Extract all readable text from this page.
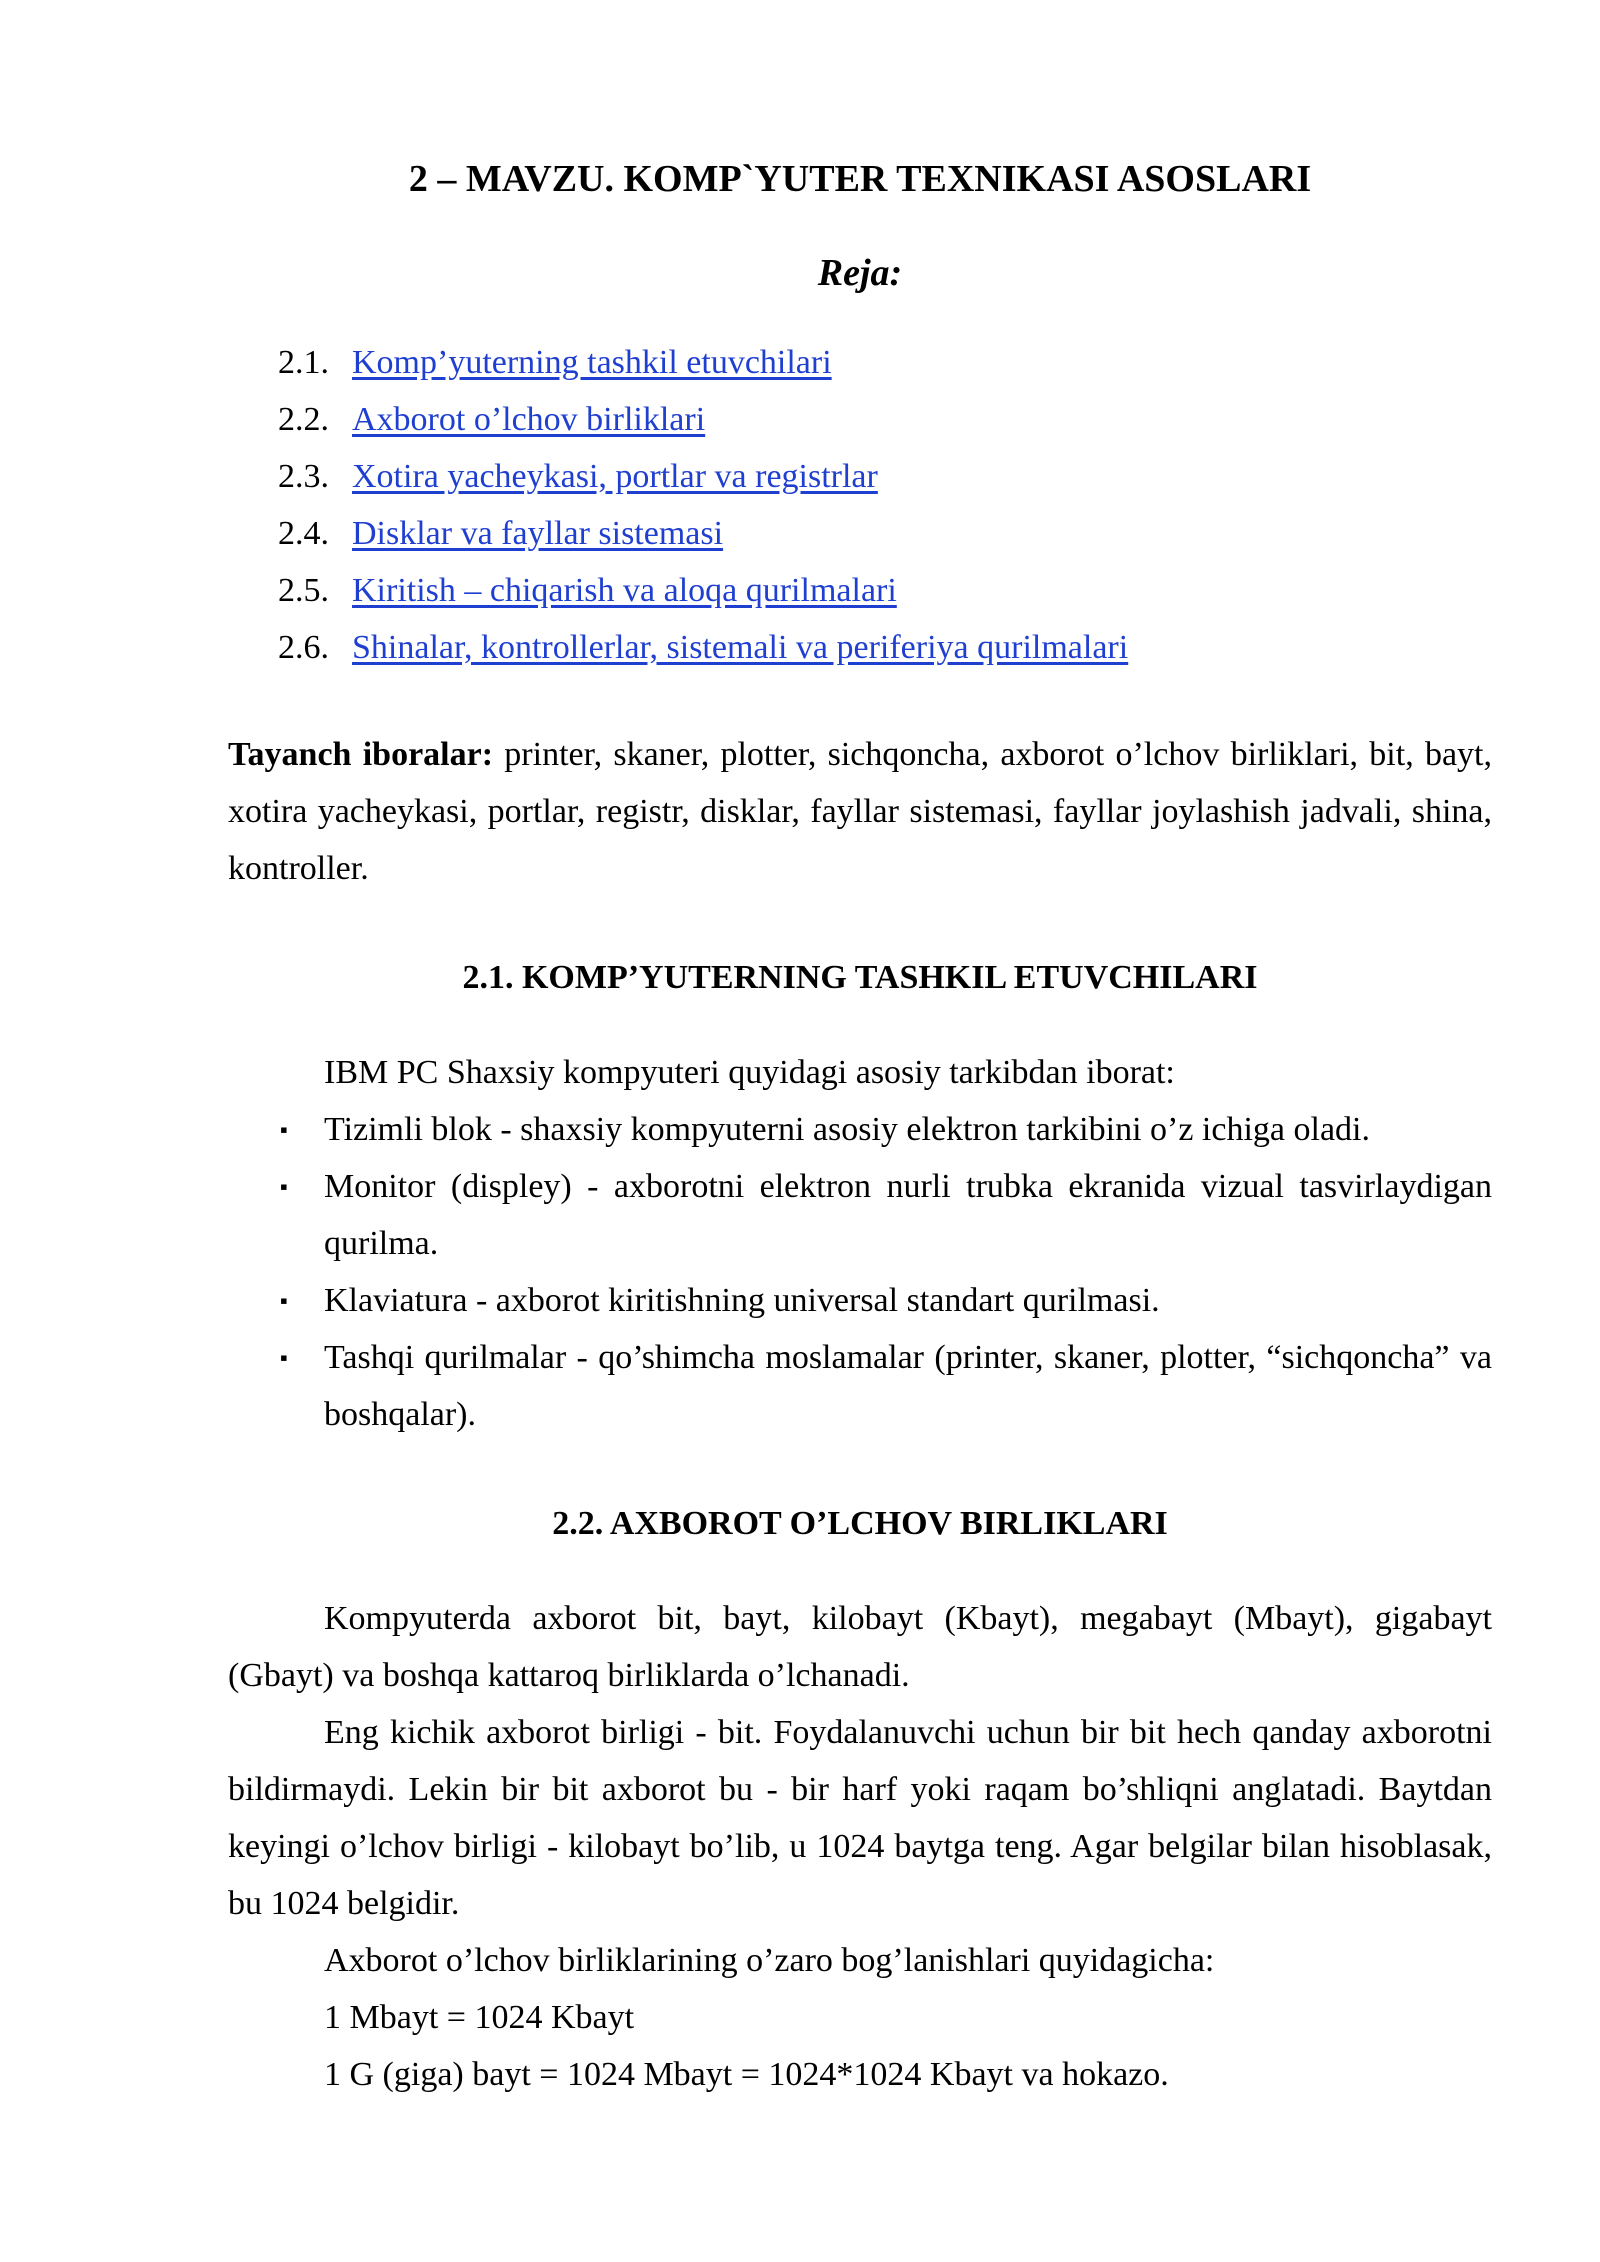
2 – MAVZU. KOMP`YUTER TEXNIKASI ASOSLARI
Reja:
2.1. Komp’yuterning tashkil etuvchilari
2.2. Axborot o’lchov birliklari
2.3. Xotira yacheykasi, portlar va registrlar
2.4. Disklar va fayllar sistemasi
2.5. Kiritish – chiqarish va aloqa qurilmalari
2.6. Shinalar, kontrollerlar, sistemali va periferiya qurilmalari

Tayanch iboralar: printer, skaner, plotter, sichqoncha, axborot o’lchov birliklari, bit, bayt, xotira yacheykasi, portlar, registr, disklar, fayllar sistemasi, fayllar joylashish jadvali, shina, kontroller.

2.1. KOMP’YUTERNING TASHKIL ETUVCHILARI

IBM PC Shaxsiy kompyuteri quyidagi asosiy tarkibdan iborat:

▪	Tizimli blok - shaxsiy kompyuterni asosiy elektron tarkibini o’z ichiga oladi.
▪	Monitor (displey) - axborotni elektron nurli trubka ekranida vizual tasvirlaydigan qurilma.
▪	Klaviatura - axborot kiritishning universal standart qurilmasi.
▪	Tashqi qurilmalar - qo’shimcha moslamalar (printer, skaner, plotter, “sichqoncha” va boshqalar).
2.2. AXBOROT O’LCHOV BIRLIKLARI

Kompyuterda axborot bit, bayt, kilobayt (Kbayt), megabayt (Mbayt), gigabayt (Gbayt) va boshqa kattaroq birliklarda o’lchanadi.

Eng kichik axborot birligi - bit. Foydalanuvchi uchun bir bit hech qanday axborotni bildirmaydi. Lekin bir bit axborot bu - bir harf yoki raqam bo’shliqni anglatadi. Baytdan keyingi o’lchov birligi - kilobayt bo’lib, u 1024 baytga teng. Agar belgilar bilan hisoblasak, bu 1024 belgidir.

Axborot o’lchov birliklarining o’zaro bog’lanishlari quyidagicha:

1 Mbayt = 1024 Kbayt

1 G (giga) bayt = 1024 Mbayt = 1024*1024 Kbayt va hokazo.
